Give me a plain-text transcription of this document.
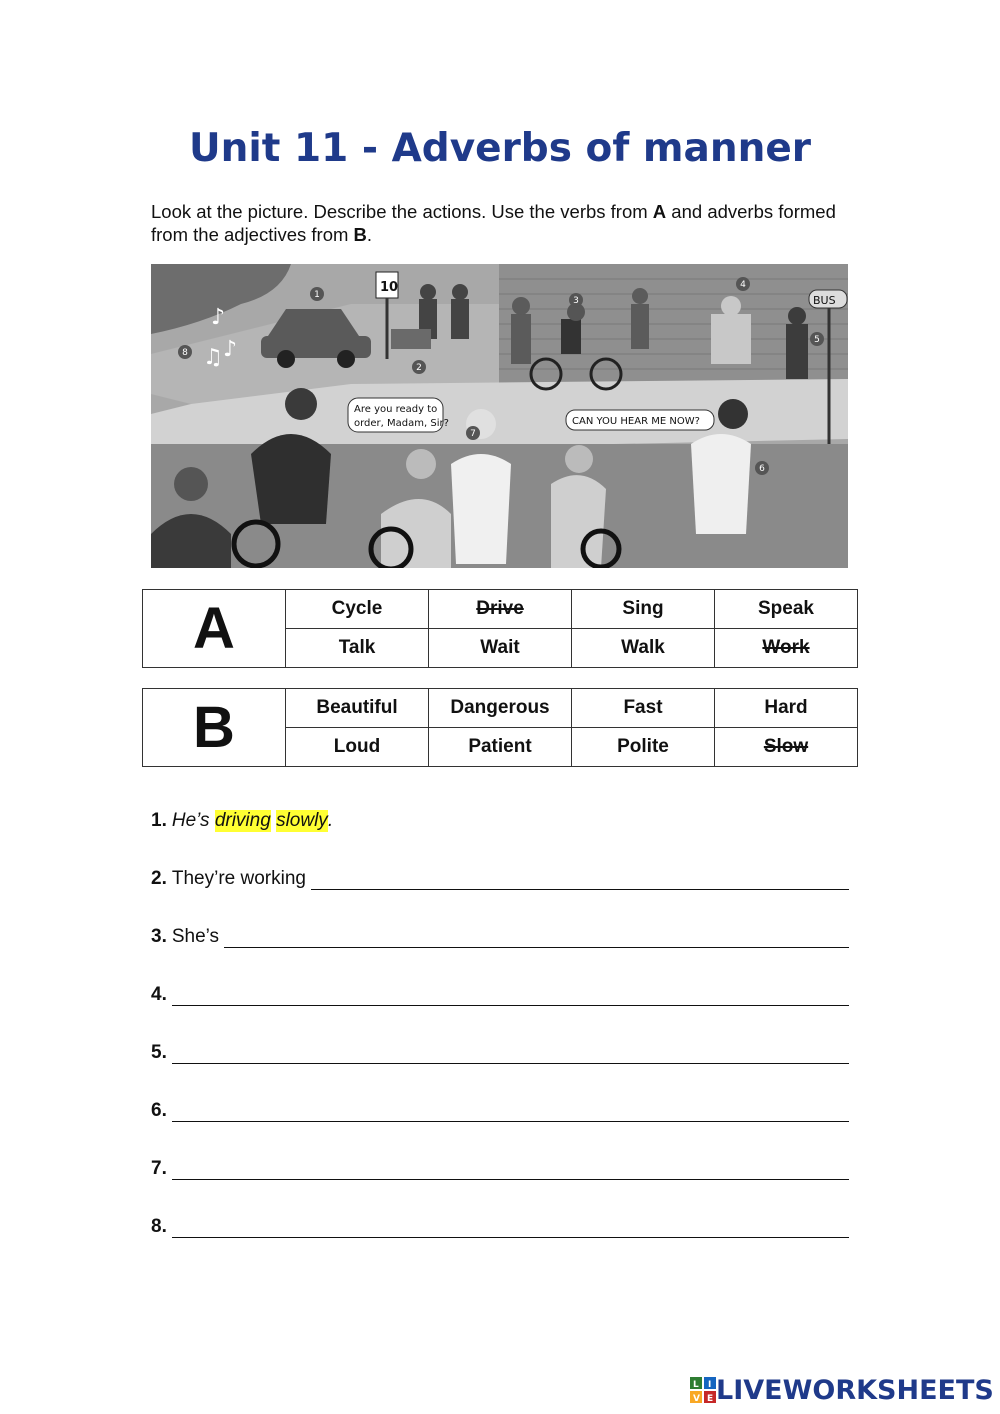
Unit 11 - Adverbs of manner
Look at the picture. Describe the actions. Use the verbs from A and adverbs formed from the adjectives from B.
10
BUS
Are you ready to
order, Madam, Sir?	CAN YOU HEAR ME NOW?
1
2
3
4
5
6
7
8 ♫ ♪
♪
A	Cycle	Drive	Sing	Speak
	Talk	Wait	Walk	Work
B	Beautiful	Dangerous	Fast	Hard
	Loud	Patient	Polite	Slow
1. He’s
driving
slowly .
2. They’re working
3. She’s
4.
5.
6.
7.
8.
L I
V E LIVEWORKSHEETS
